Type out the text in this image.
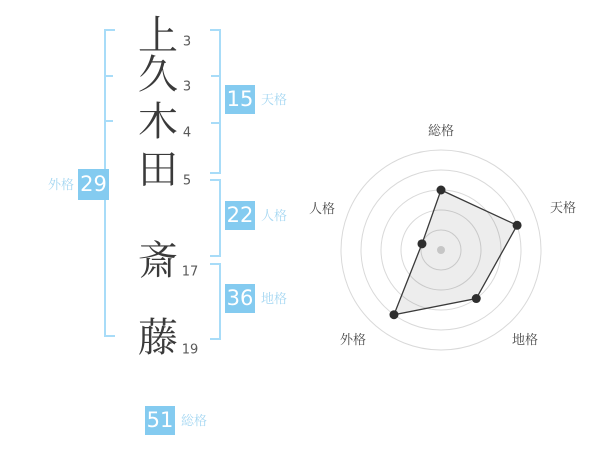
上
久
木
田
斎
藤
3
3
4
5
17
19
15 天格
22 人格
36 地格
外格 29
51 総格
総格
天格
地格
外格
人格
